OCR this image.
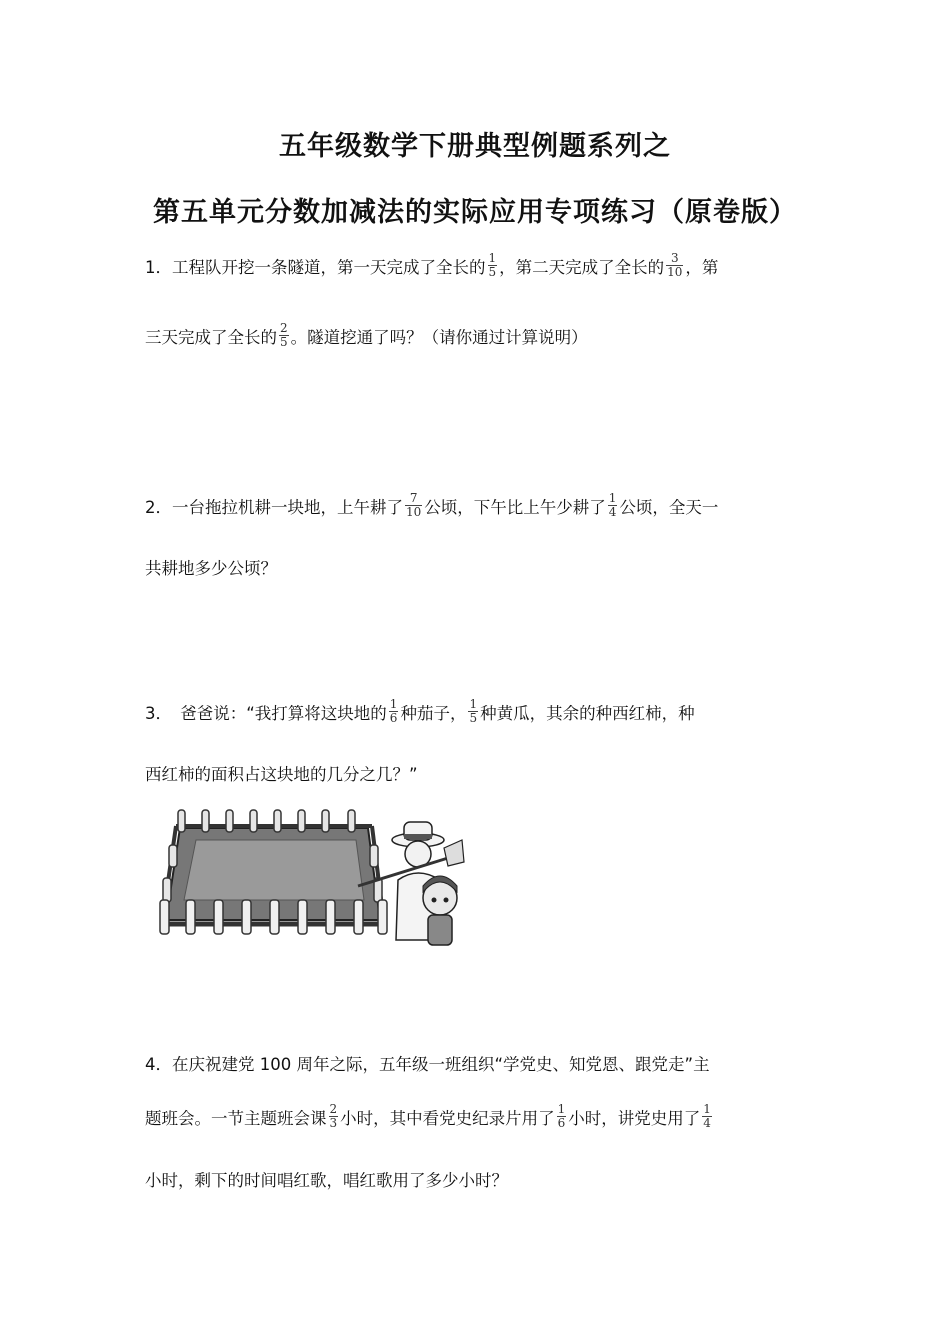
五年级数学下册典型例题系列之
第五单元分数加减法的实际应用专项练习（原卷版）
1．工程队开挖一条隧道，第一天完成了全长的 $\frac{1}{5}$ ，第二天完成了全长的 $\frac{3}{10}$ ，第
三天完成了全长的 $\frac{2}{5}$ 。隧道挖通了吗？（请你通过计算说明）
2．一台拖拉机耕一块地，上午耕了 $\frac{7}{10}$ 公顷，下午比上午少耕了 $\frac{1}{4}$ 公顷，全天一
共耕地多少公顷？
3．　爸爸说：“我打算将这块地的 $\frac{1}{6}$ 种茄子， $\frac{1}{5}$ 种黄瓜，其余的种西红柿，种
西红柿的面积占这块地的几分之几？”
4．在庆祝建党 100 周年之际，五年级一班组织“学党史、知党恩、跟党走”主
题班会。一节主题班会课 $\frac{2}{3}$ 小时，其中看党史纪录片用了 $\frac{1}{6}$ 小时，讲党史用了 $\frac{1}{4}$
小时，剩下的时间唱红歌，唱红歌用了多少小时？
